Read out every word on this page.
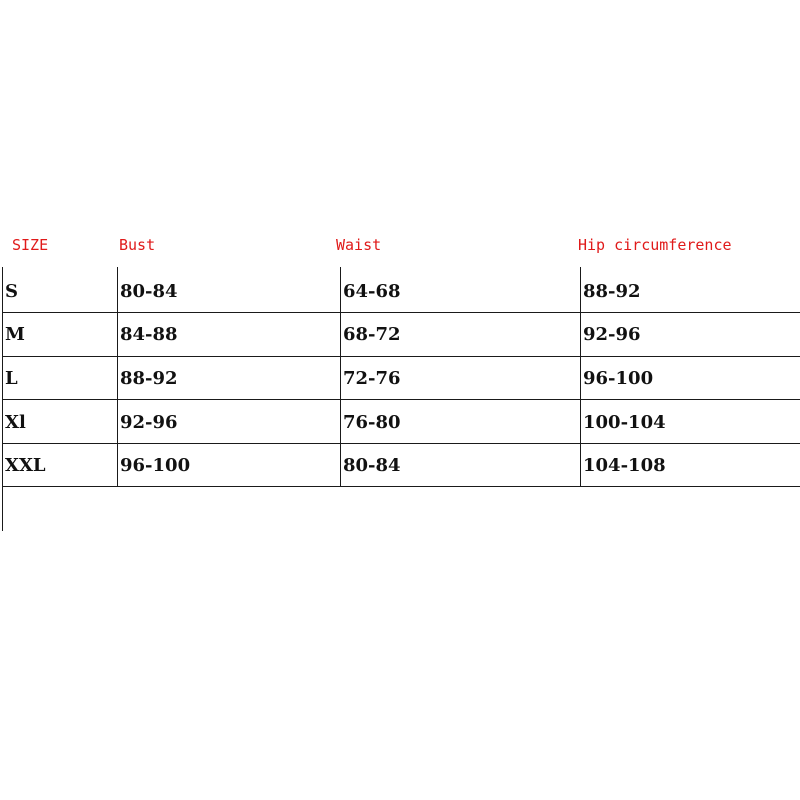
SIZE	Bust	Waist	Hip circumference
S	80-84	64-68	88-92
M	84-88	68-72	92-96
L	88-92	72-76	96-100
Xl	92-96	76-80	100-104
XXL	96-100	80-84	104-108
